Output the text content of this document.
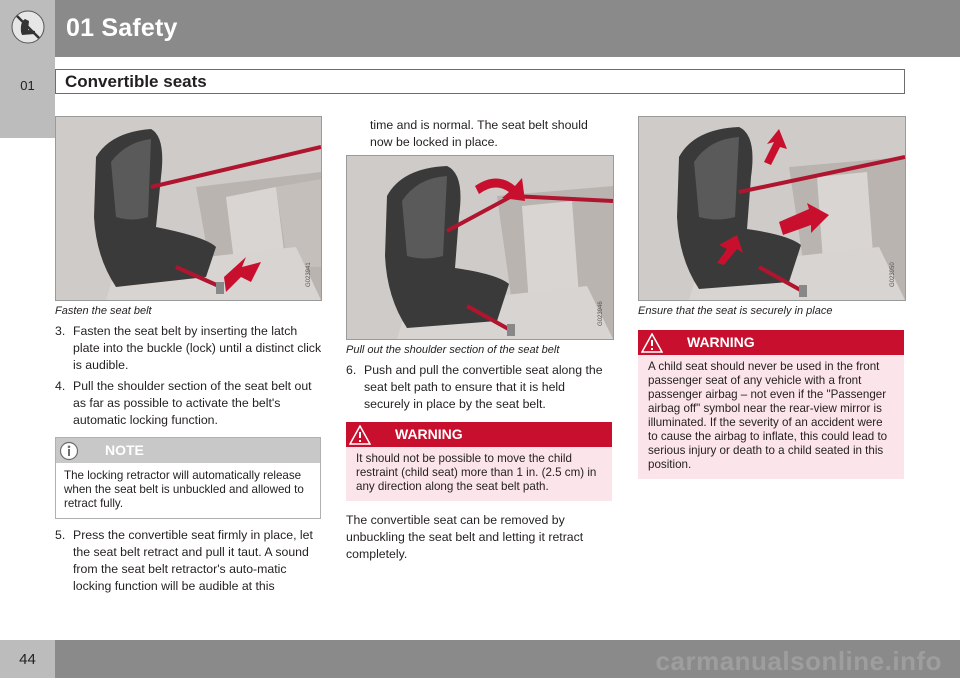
01
01 Safety
Convertible seats
G023941
Fasten the seat belt
3. Fasten the seat belt by inserting the latch plate into the buckle (lock) until a distinct click is audible.
4. Pull the shoulder section of the seat belt out as far as possible to activate the belt's automatic locking function.
NOTE
The locking retractor will automatically release when the seat belt is unbuckled and allowed to retract fully.
5. Press the convertible seat firmly in place, let the seat belt retract and pull it taut. A sound from the seat belt retractor's auto-matic locking function will be audible at this
time and is normal. The seat belt should now be locked in place.
G023946
Pull out the shoulder section of the seat belt
6. Push and pull the convertible seat along the seat belt path to ensure that it is held securely in place by the seat belt.
WARNING
It should not be possible to move the child restraint (child seat) more than 1 in. (2.5 cm) in any direction along the seat belt path.
The convertible seat can be removed by unbuckling the seat belt and letting it retract completely.
G023950
Ensure that the seat is securely in place
WARNING
A child seat should never be used in the front passenger seat of any vehicle with a front passenger airbag – not even if the "Passenger airbag off" symbol near the rear-view mirror is illuminated. If the severity of an accident were to cause the airbag to inflate, this could lead to serious injury or death to a child seated in this position.
44	carmanualsonline.info
